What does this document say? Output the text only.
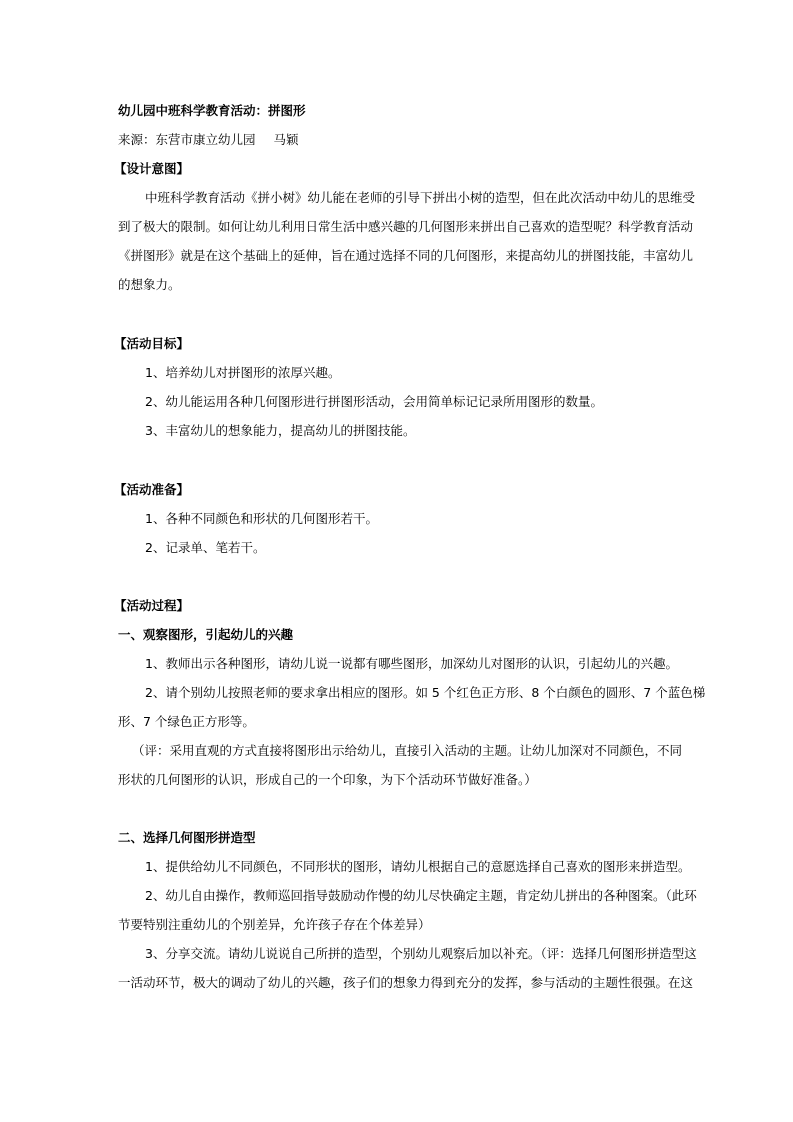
幼儿园中班科学教育活动：拼图形
来源：东营市康立幼儿园 马颖
【设计意图】
中班科学教育活动《拼小树》幼儿能在老师的引导下拼出小树的造型，但在此次活动中幼儿的思维受
到了极大的限制。如何让幼儿利用日常生活中感兴趣的几何图形来拼出自己喜欢的造型呢？科学教育活动
《拼图形》就是在这个基础上的延伸，旨在通过选择不同的几何图形，来提高幼儿的拼图技能，丰富幼儿
的想象力。
【活动目标】
1、培养幼儿对拼图形的浓厚兴趣。
2、幼儿能运用各种几何图形进行拼图形活动，会用简单标记记录所用图形的数量。
3、丰富幼儿的想象能力，提高幼儿的拼图技能。
【活动准备】
1、各种不同颜色和形状的几何图形若干。
2、记录单、笔若干。
【活动过程】
一、观察图形，引起幼儿的兴趣
1、教师出示各种图形，请幼儿说一说都有哪些图形，加深幼儿对图形的认识，引起幼儿的兴趣。
2、请个别幼儿按照老师的要求拿出相应的图形。如 5 个红色正方形、8 个白颜色的圆形、7 个蓝色梯
形、7 个绿色正方形等。
（评：采用直观的方式直接将图形出示给幼儿，直接引入活动的主题。让幼儿加深对不同颜色，不同
形状的几何图形的认识，形成自己的一个印象，为下个活动环节做好准备。）
二、选择几何图形拼造型
1、提供给幼儿不同颜色，不同形状的图形，请幼儿根据自己的意愿选择自己喜欢的图形来拼造型。
2、幼儿自由操作，教师巡回指导鼓励动作慢的幼儿尽快确定主题，肯定幼儿拼出的各种图案。（此环
节要特别注重幼儿的个别差异，允许孩子存在个体差异）
3、分享交流。请幼儿说说自己所拼的造型，个别幼儿观察后加以补充。（评：选择几何图形拼造型这
一活动环节，极大的调动了幼儿的兴趣，孩子们的想象力得到充分的发挥，参与活动的主题性很强。在这
